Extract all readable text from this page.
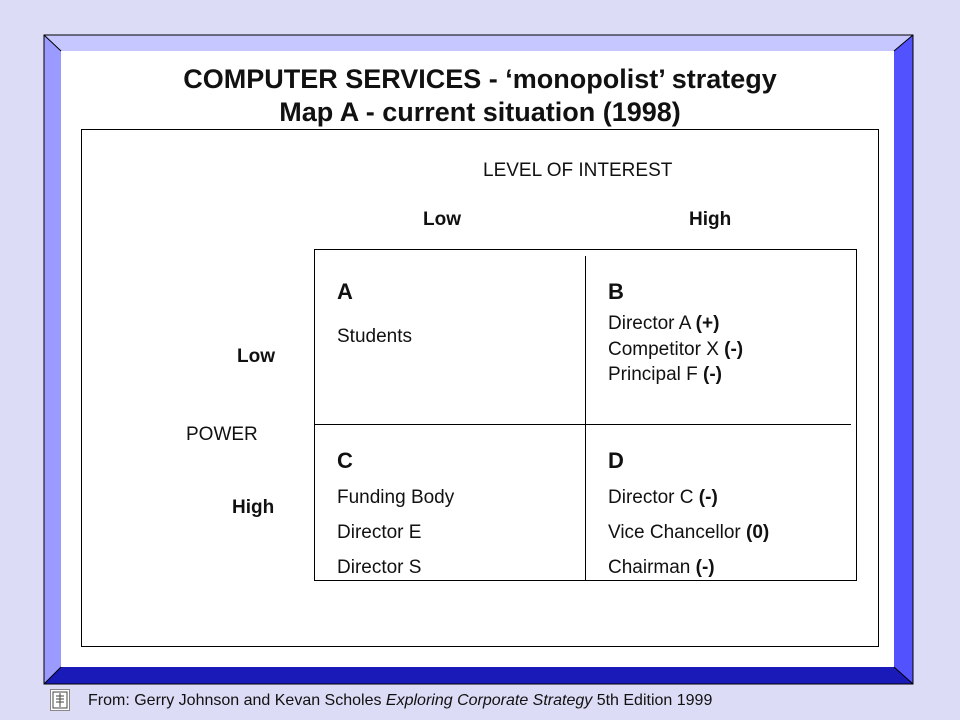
COMPUTER SERVICES - ‘monopolist’ strategy
Map A - current situation (1998)
LEVEL OF INTEREST
Low	High
POWER
Low
High
A
Students
B
Director A (+)
Competitor X (-)
Principal F (-)
C
Funding Body
Director E
Director S
D
Director C (-)
Vice Chancellor (0)
Chairman (-)
From: Gerry Johnson and Kevan Scholes Exploring Corporate Strategy 5th Edition 1999
